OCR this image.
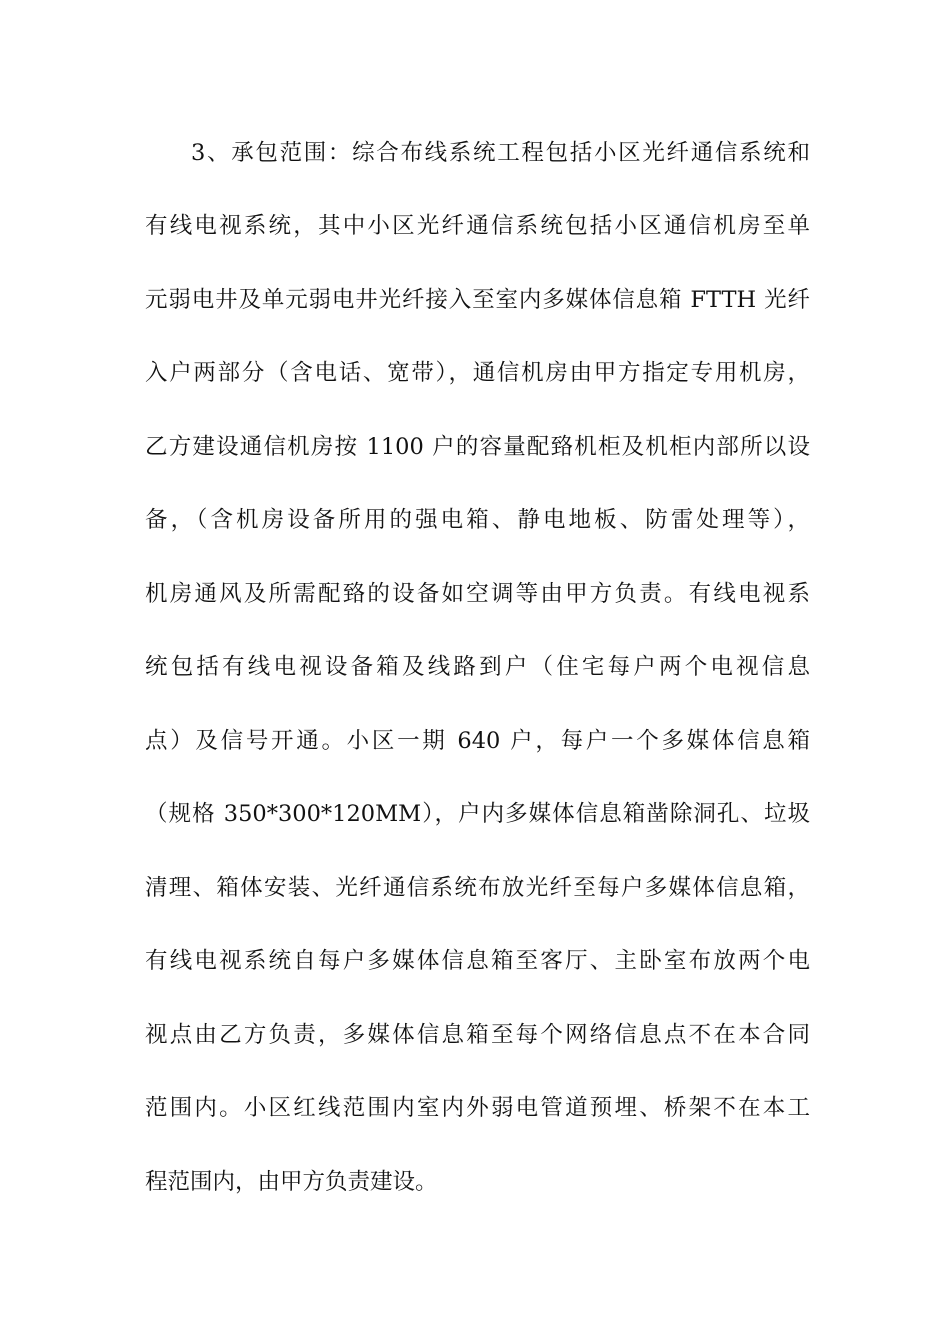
3、承包范围：综合布线系统工程包括小区光纤通信系统和
有线电视系统，其中小区光纤通信系统包括小区通信机房至单
元弱电井及单元弱电井光纤接入至室内多媒体信息箱 FTTH 光纤
入户两部分（含电话、宽带），通信机房由甲方指定专用机房，
乙方建设通信机房按 1100 户的容量配臵机柜及机柜内部所以设
备，（含机房设备所用的强电箱、静电地板、防雷处理等），
机房通风及所需配臵的设备如空调等由甲方负责。有线电视系
统包括有线电视设备箱及线路到户（住宅每户两个电视信息
点）及信号开通。小区一期 640 户，每户一个多媒体信息箱
（规格 350*300*120MM），户内多媒体信息箱凿除洞孔、垃圾
清理、箱体安装、光纤通信系统布放光纤至每户多媒体信息箱，
有线电视系统自每户多媒体信息箱至客厅、主卧室布放两个电
视点由乙方负责，多媒体信息箱至每个网络信息点不在本合同
范围内。小区红线范围内室内外弱电管道预埋、桥架不在本工
程范围内，由甲方负责建设。
